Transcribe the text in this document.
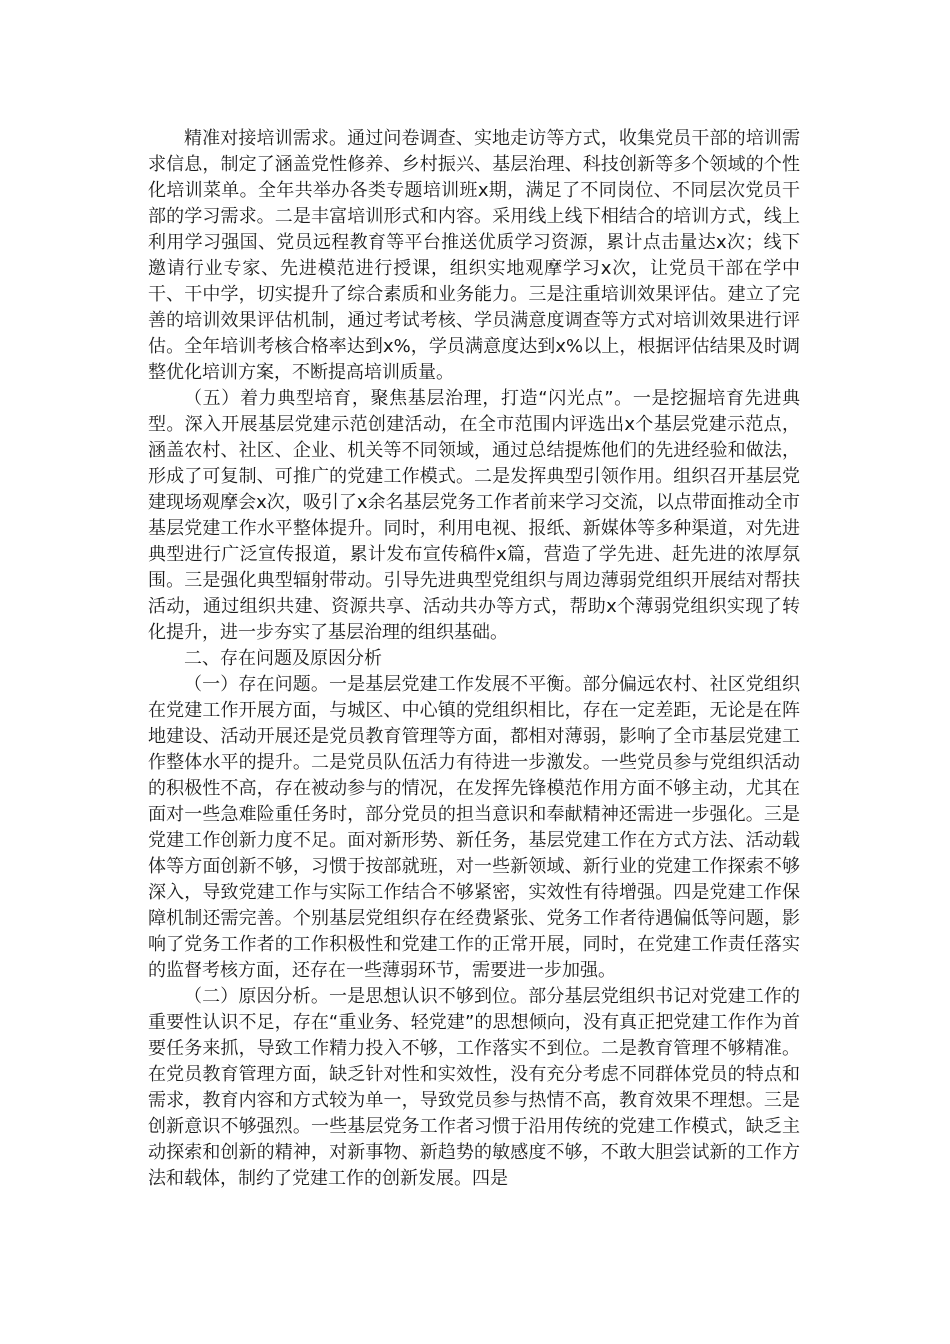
精准对接培训需求。通过问卷调查、实地走访等方式，收集党员干部的培训需求信息，制定了涵盖党性修养、乡村振兴、基层治理、科技创新等多个领域的个性化培训菜单。全年共举办各类专题培训班x期，满足了不同岗位、不同层次党员干部的学习需求。二是丰富培训形式和内容。采用线上线下相结合的培训方式，线上利用学习强国、党员远程教育等平台推送优质学习资源，累计点击量达x次；线下邀请行业专家、先进模范进行授课，组织实地观摩学习x次，让党员干部在学中干、干中学，切实提升了综合素质和业务能力。三是注重培训效果评估。建立了完善的培训效果评估机制，通过考试考核、学员满意度调查等方式对培训效果进行评估。全年培训考核合格率达到x%，学员满意度达到x%以上，根据评估结果及时调整优化培训方案，不断提高培训质量。

（五）着力典型培育，聚焦基层治理，打造“闪光点”。一是挖掘培育先进典型。深入开展基层党建示范创建活动，在全市范围内评选出x个基层党建示范点，涵盖农村、社区、企业、机关等不同领域，通过总结提炼他们的先进经验和做法，形成了可复制、可推广的党建工作模式。二是发挥典型引领作用。组织召开基层党建现场观摩会x次，吸引了x余名基层党务工作者前来学习交流，以点带面推动全市基层党建工作水平整体提升。同时，利用电视、报纸、新媒体等多种渠道，对先进典型进行广泛宣传报道，累计发布宣传稿件x篇，营造了学先进、赶先进的浓厚氛围。三是强化典型辐射带动。引导先进典型党组织与周边薄弱党组织开展结对帮扶活动，通过组织共建、资源共享、活动共办等方式，帮助x个薄弱党组织实现了转化提升，进一步夯实了基层治理的组织基础。

二、存在问题及原因分析

（一）存在问题。一是基层党建工作发展不平衡。部分偏远农村、社区党组织在党建工作开展方面，与城区、中心镇的党组织相比，存在一定差距，无论是在阵地建设、活动开展还是党员教育管理等方面，都相对薄弱，影响了全市基层党建工作整体水平的提升。二是党员队伍活力有待进一步激发。一些党员参与党组织活动的积极性不高，存在被动参与的情况，在发挥先锋模范作用方面不够主动，尤其在面对一些急难险重任务时，部分党员的担当意识和奉献精神还需进一步强化。三是党建工作创新力度不足。面对新形势、新任务，基层党建工作在方式方法、活动载体等方面创新不够，习惯于按部就班，对一些新领域、新行业的党建工作探索不够深入，导致党建工作与实际工作结合不够紧密，实效性有待增强。四是党建工作保障机制还需完善。个别基层党组织存在经费紧张、党务工作者待遇偏低等问题，影响了党务工作者的工作积极性和党建工作的正常开展，同时，在党建工作责任落实的监督考核方面，还存在一些薄弱环节，需要进一步加强。

（二）原因分析。一是思想认识不够到位。部分基层党组织书记对党建工作的重要性认识不足，存在“重业务、轻党建”的思想倾向，没有真正把党建工作作为首要任务来抓，导致工作精力投入不够，工作落实不到位。二是教育管理不够精准。在党员教育管理方面，缺乏针对性和实效性，没有充分考虑不同群体党员的特点和需求，教育内容和方式较为单一，导致党员参与热情不高，教育效果不理想。三是创新意识不够强烈。一些基层党务工作者习惯于沿用传统的党建工作模式，缺乏主动探索和创新的精神，对新事物、新趋势的敏感度不够，不敢大胆尝试新的工作方法和载体，制约了党建工作的创新发展。四是
